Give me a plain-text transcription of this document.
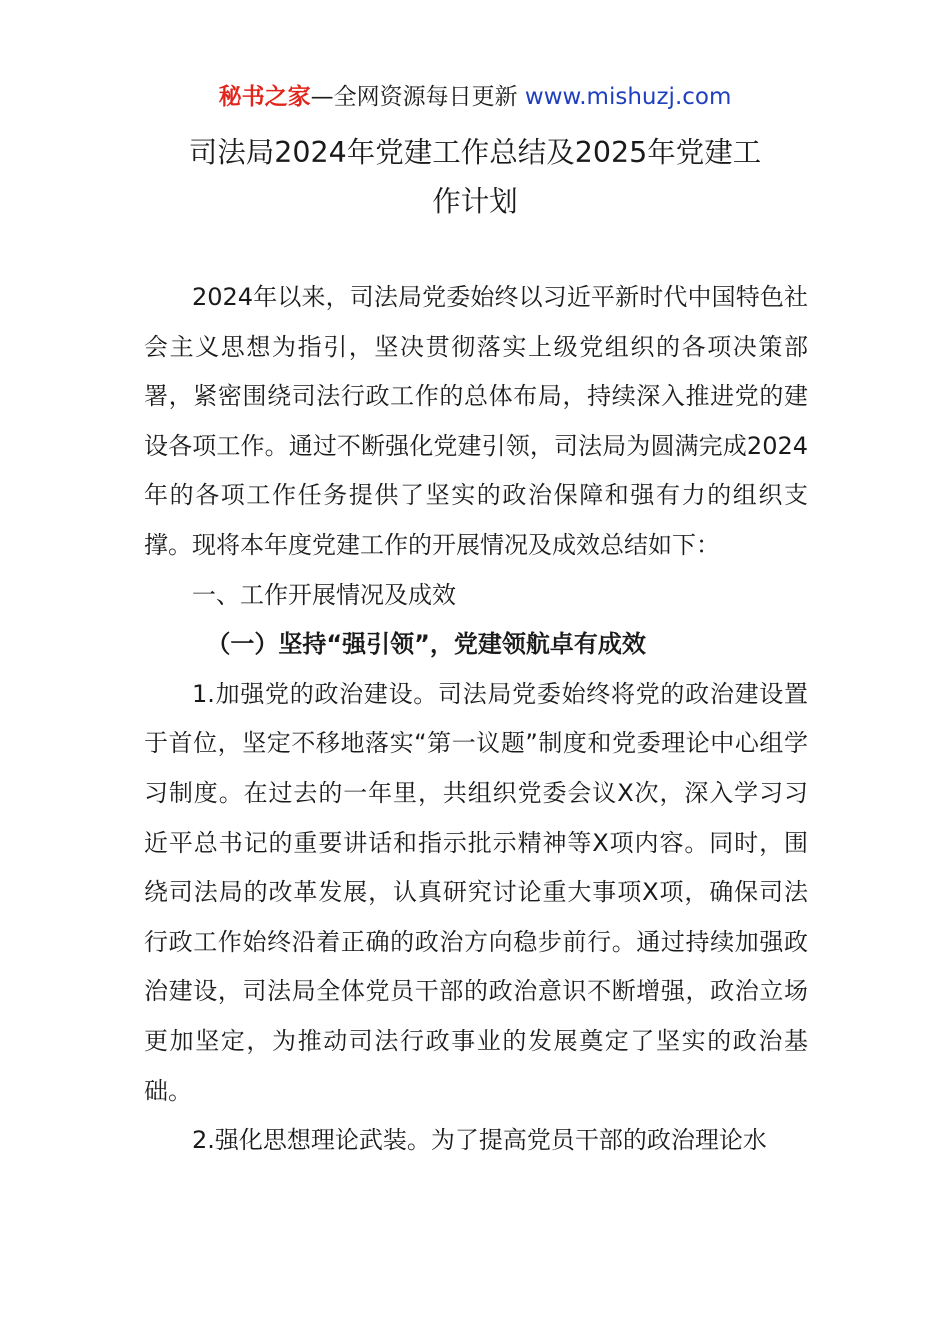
秘书之家—全网资源每日更新 www.mishuzj.com
司法局2024年党建工作总结及2025年党建工
作计划

2024年以来，司法局党委始终以习近平新时代中国特色社会主义思想为指引，坚决贯彻落实上级党组织的各项决策部署，紧密围绕司法行政工作的总体布局，持续深入推进党的建设各项工作。通过不断强化党建引领，司法局为圆满完成2024年的各项工作任务提供了坚实的政治保障和强有力的组织支撑。现将本年度党建工作的开展情况及成效总结如下：

一、工作开展情况及成效

（一）坚持“强引领”，党建领航卓有成效

1.加强党的政治建设。司法局党委始终将党的政治建设置于首位，坚定不移地落实“第一议题”制度和党委理论中心组学习制度。在过去的一年里，共组织党委会议X次，深入学习习近平总书记的重要讲话和指示批示精神等X项内容。同时，围绕司法局的改革发展，认真研究讨论重大事项X项，确保司法行政工作始终沿着正确的政治方向稳步前行。通过持续加强政治建设，司法局全体党员干部的政治意识不断增强，政治立场更加坚定，为推动司法行政事业的发展奠定了坚实的政治基础。

2.强化思想理论武装。为了提高党员干部的政治理论水
